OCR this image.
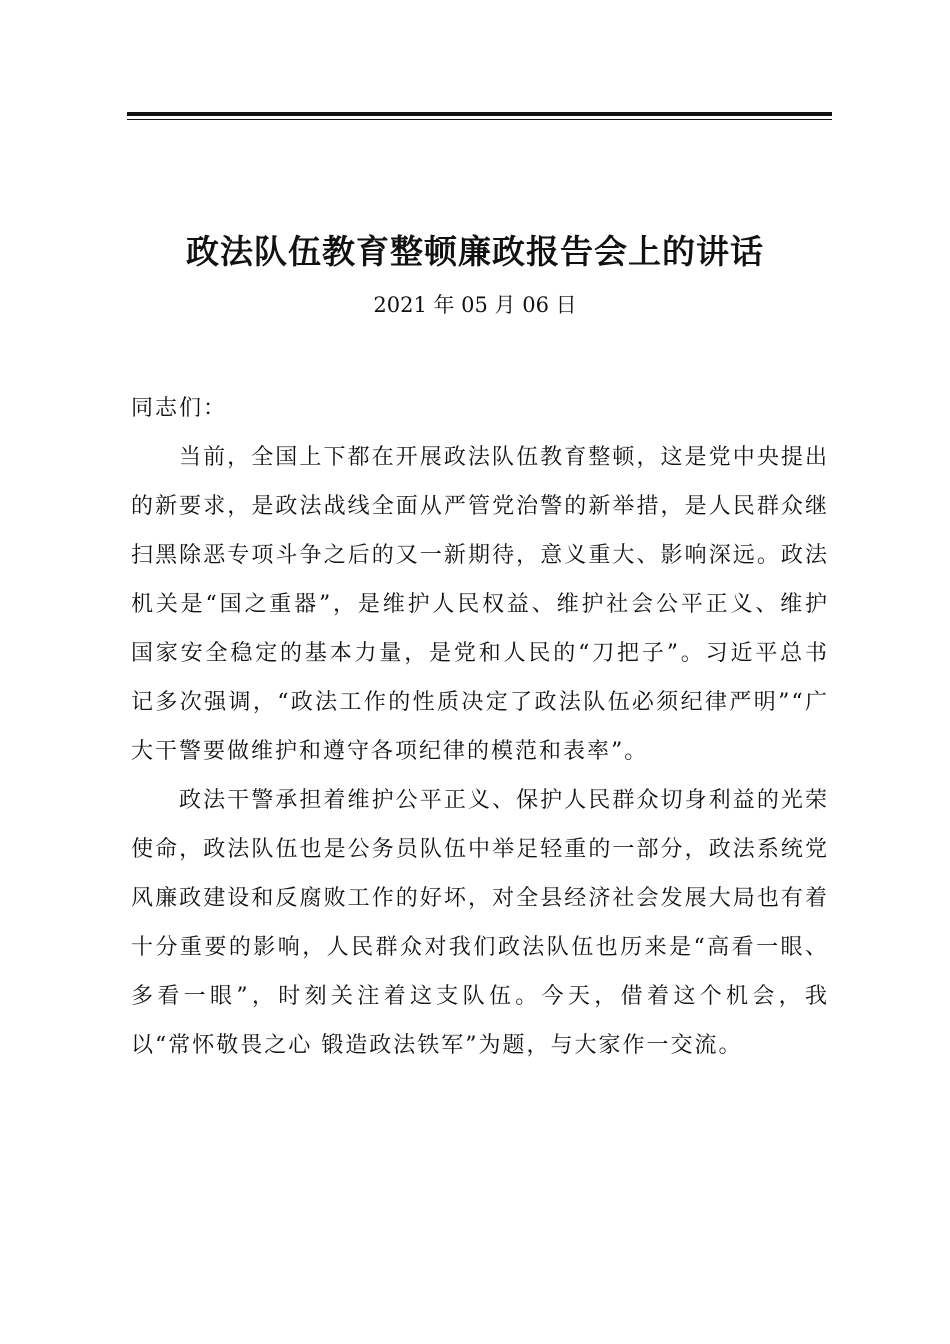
政法队伍教育整顿廉政报告会上的讲话
2021 年 05 月 06 日

同志们：

当前，全国上下都在开展政法队伍教育整顿，这是党中央提出的新要求，是政法战线全面从严管党治警的新举措，是人民群众继扫黑除恶专项斗争之后的又一新期待，意义重大、影响深远。政法机关是“国之重器”，是维护人民权益、维护社会公平正义、维护国家安全稳定的基本力量，是党和人民的“刀把子”。习近平总书记多次强调，“政法工作的性质决定了政法队伍必须纪律严明”“广大干警要做维护和遵守各项纪律的模范和表率”。

政法干警承担着维护公平正义、保护人民群众切身利益的光荣使命，政法队伍也是公务员队伍中举足轻重的一部分，政法系统党风廉政建设和反腐败工作的好坏，对全县经济社会发展大局也有着十分重要的影响，人民群众对我们政法队伍也历来是“高看一眼、多看一眼”，时刻关注着这支队伍。今天，借着这个机会，我以“常怀敬畏之心 锻造政法铁军”为题，与大家作一交流。
